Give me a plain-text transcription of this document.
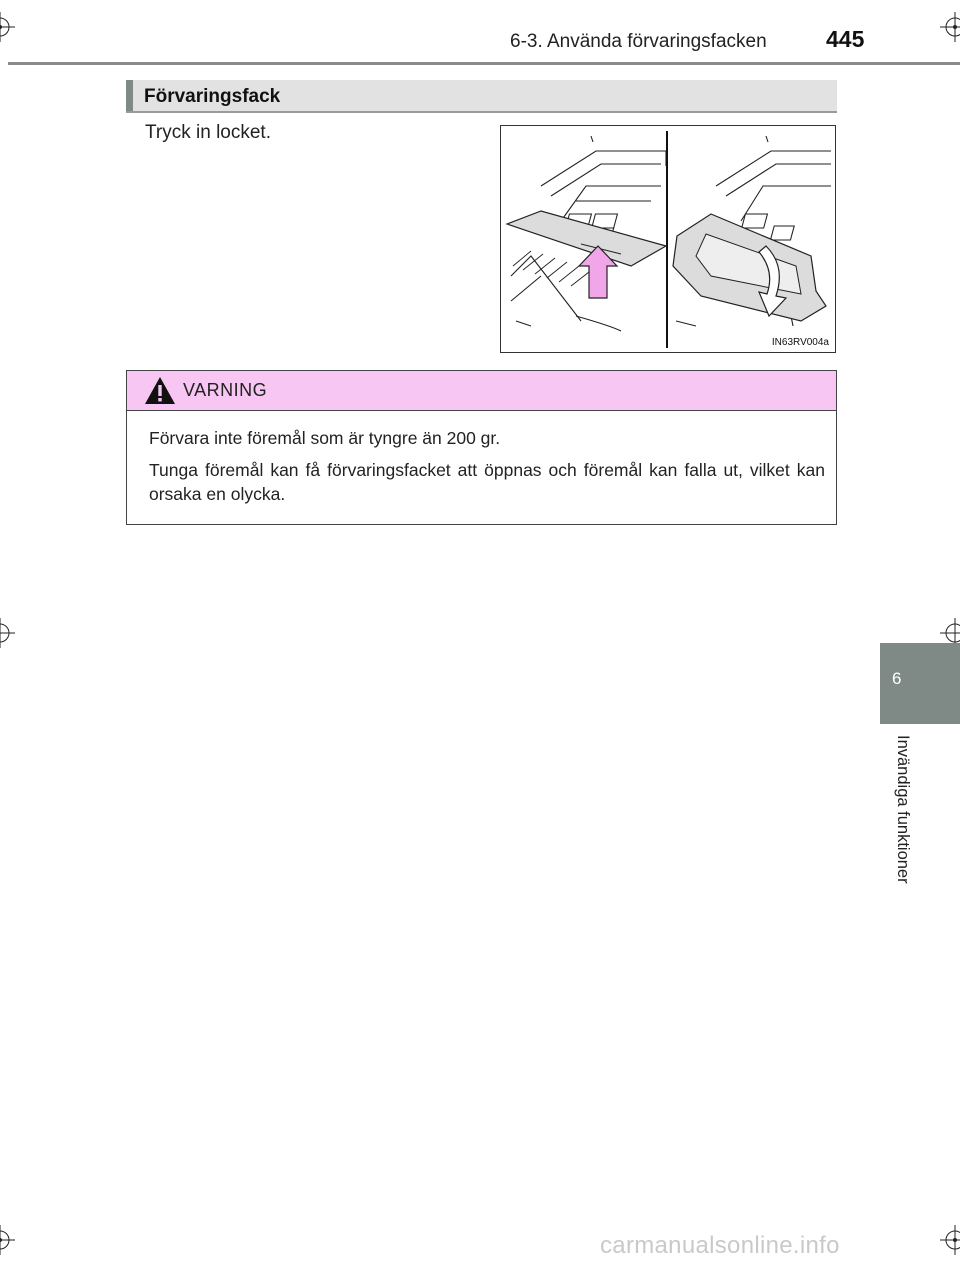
6-3. Använda förvaringsfacken	445
Förvaringsfack
Tryck in locket.
IN63RV004a
VARNING
Förvara inte föremål som är tyngre än 200 gr.
Tunga föremål kan få förvaringsfacket att öppnas och föremål kan falla ut, vilket kan orsaka en olycka.
6
Invändiga funktioner
carmanualsonline.info
